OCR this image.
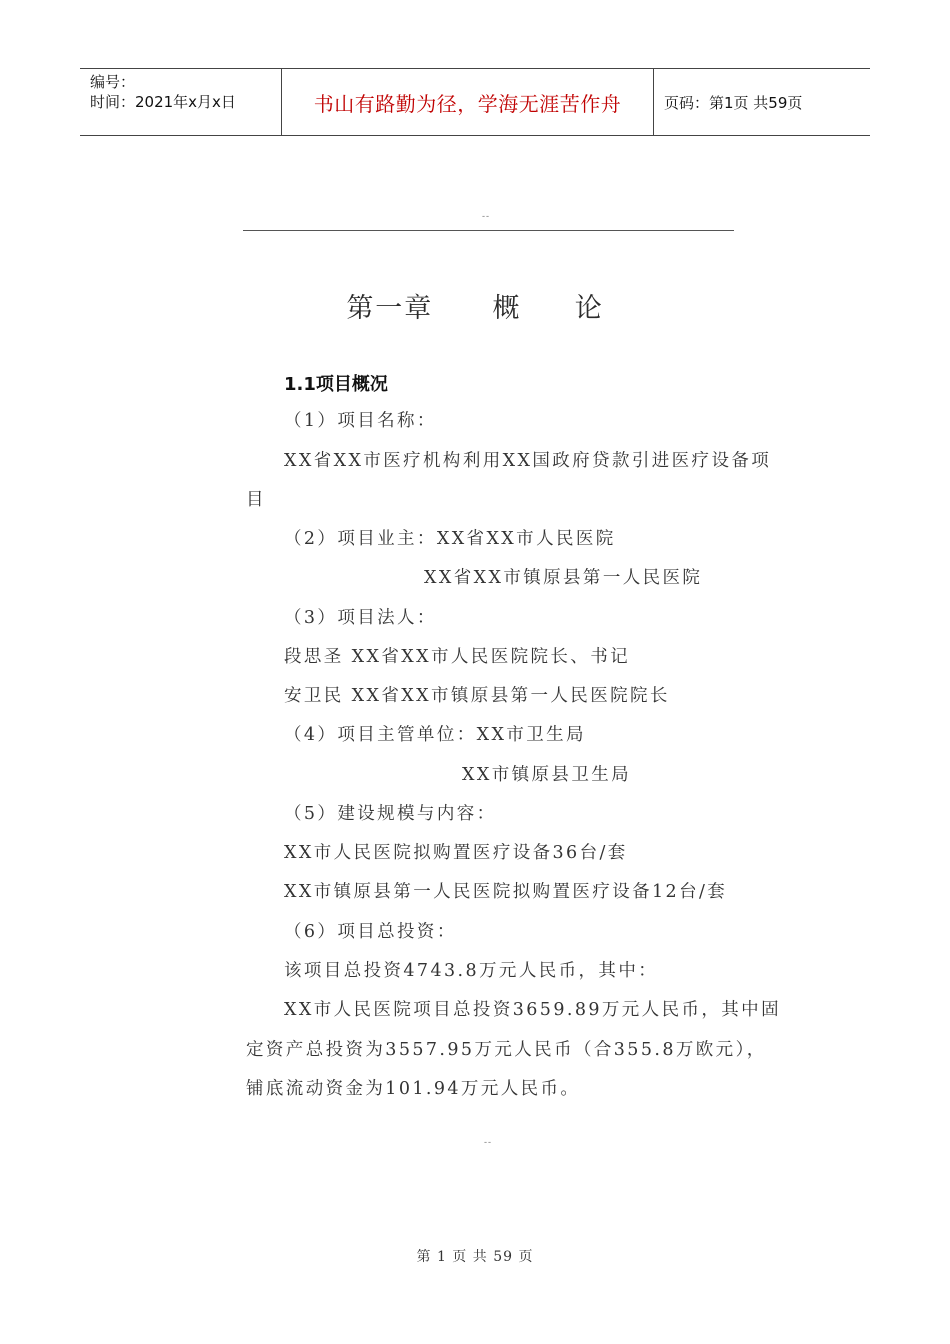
编号：
时间：2021年x月x日	书山有路勤为径，学海无涯苦作舟	页码：第1页 共59页
--
第一章 概 论
1.1项目概况
（1）项目名称：
XX省XX市医疗机构利用XX国政府贷款引进医疗设备项
目
（2）项目业主：XX省XX市人民医院
XX省XX市镇原县第一人民医院
（3）项目法人：
段思圣 XX省XX市人民医院院长、书记
安卫民 XX省XX市镇原县第一人民医院院长
（4）项目主管单位：XX市卫生局
XX市镇原县卫生局
（5）建设规模与内容：
XX市人民医院拟购置医疗设备36台/套
XX市镇原县第一人民医院拟购置医疗设备12台/套
（6）项目总投资：
该项目总投资4743.8万元人民币，其中：
XX市人民医院项目总投资3659.89万元人民币，其中固
定资产总投资为3557.95万元人民币（合355.8万欧元），
铺底流动资金为101.94万元人民币。
--
第 1 页 共 59 页
